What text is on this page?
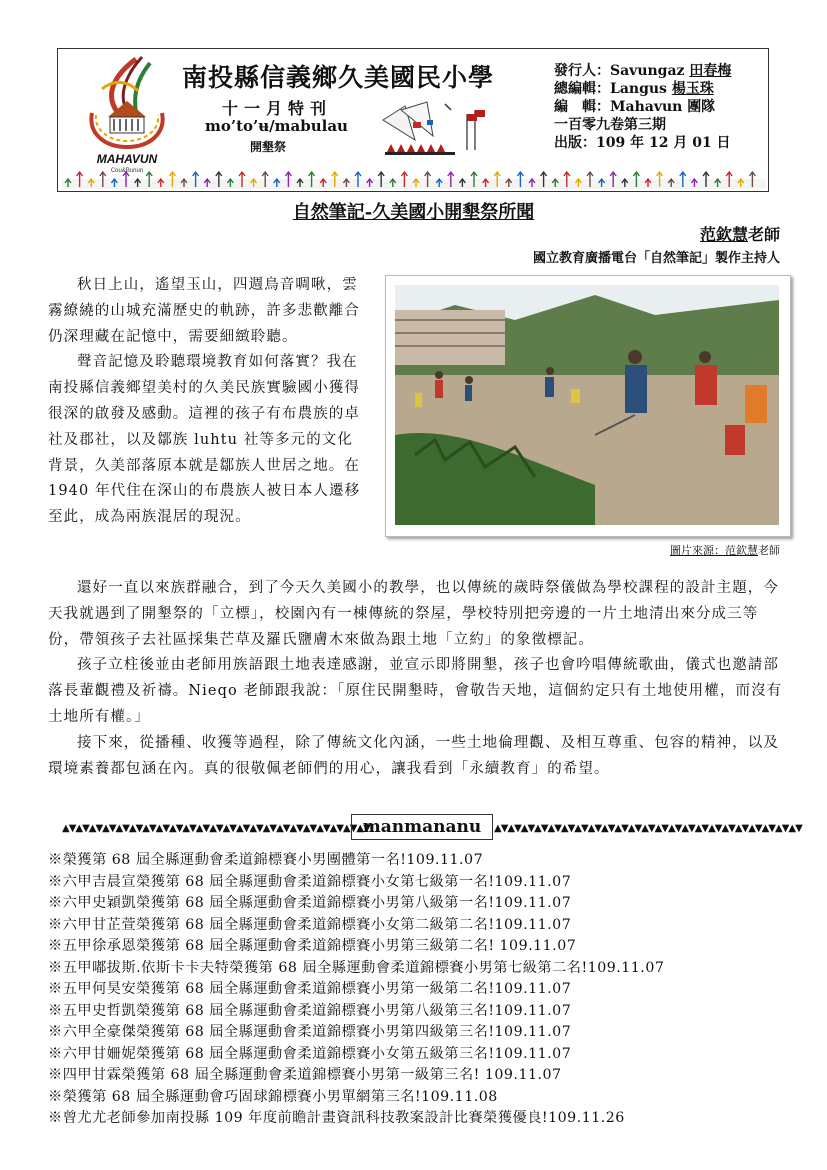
MAHAVUN
Cou&Bunun
南投縣信義鄉久美國民小學
十一月特刊
mo’to’ʉ/mabulau
開墾祭
發行人：Savungaz 田春梅
總編輯：Langus 楊玉珠
編　輯：Mahavun 團隊
一百零九卷第三期
出版：109 年 12 月 01 日
自然筆記-久美國小開墾祭所聞
范欽慧老師
國立教育廣播電台「自然筆記」製作主持人

秋日上山，遙望玉山，四週鳥音啁啾，雲霧繚繞的山城充滿歷史的軌跡，許多悲歡離合仍深理藏在記憶中，需要細緻聆聽。

聲音記憶及聆聽環境教育如何落實？我在南投縣信義鄉望美村的久美民族實驗國小獲得很深的啟發及感動。這裡的孩子有布農族的卓社及郡社，以及鄒族 luhtu 社等多元的文化背景，久美部落原本就是鄒族人世居之地。在 1940 年代住在深山的布農族人被日本人遷移至此，成為兩族混居的現況。

圖片來源：范欽慧老師

還好一直以來族群融合，到了今天久美國小的教學，也以傳統的歲時祭儀做為學校課程的設計主題，今天我就遇到了開墾祭的「立標」，校園內有一棟傳統的祭屋，學校特別把旁邊的一片土地清出來分成三等份，帶領孩子去社區採集芒草及羅氏鹽膚木來做為跟土地「立約」的象徵標記。

孩子立柱後並由老師用族語跟土地表達感謝，並宣示即將開墾，孩子也會吟唱傳統歌曲，儀式也邀請部落長輩觀禮及祈禱。Nieqo 老師跟我說：「原住民開墾時，會敬告天地，這個約定只有土地使用權，而沒有土地所有權。」

接下來，從播種、收獲等過程，除了傳統文化內涵，一些土地倫理觀、及相互尊重、包容的精神，以及環境素養都包涵在內。真的很敬佩老師們的用心，讓我看到「永續教育」的希望。

▲▼▲▼▲▼▲▼▲▼▲▼▲▼▲▼▲▼▲▼▲▼▲▼▲▼▲▼▲▼▲▼▲▼▲▼▲▼▲▼▲▼▲▼▲▼
manmananu	▲▼▲▼▲▼▲▼▲▼▲▼▲▼▲▼▲▼▲▼▲▼▲▼▲▼▲▼▲▼▲▼▲▼▲▼▲▼▲▼▲▼▲▼▲▼
※榮獲第 68 屆全縣運動會柔道錦標賽小男團體第一名!109.11.07
※六甲吉晨宣榮獲第 68 屆全縣運動會柔道錦標賽小女第七級第一名!109.11.07
※六甲史穎凱榮獲第 68 屆全縣運動會柔道錦標賽小男第八級第一名!109.11.07
※六甲甘芷萱榮獲第 68 屆全縣運動會柔道錦標賽小女第二級第二名!109.11.07
※五甲徐承恩榮獲第 68 屆全縣運動會柔道錦標賽小男第三級第二名! 109.11.07
※五甲嘟拔斯.依斯卡卡夫特榮獲第 68 屆全縣運動會柔道錦標賽小男第七級第二名!109.11.07
※五甲何昊安榮獲第 68 屆全縣運動會柔道錦標賽小男第一級第二名!109.11.07
※五甲史哲凱榮獲第 68 屆全縣運動會柔道錦標賽小男第八級第三名!109.11.07
※六甲全豪傑榮獲第 68 屆全縣運動會柔道錦標賽小男第四級第三名!109.11.07
※六甲甘姍妮榮獲第 68 屆全縣運動會柔道錦標賽小女第五級第三名!109.11.07
※四甲甘霖榮獲第 68 屆全縣運動會柔道錦標賽小男第一級第三名! 109.11.07
※榮獲第 68 屆全縣運動會巧固球錦標賽小男單網第三名!109.11.08
※曾尤尤老師參加南投縣 109 年度前瞻計畫資訊科技教案設計比賽榮獲優良!109.11.26
